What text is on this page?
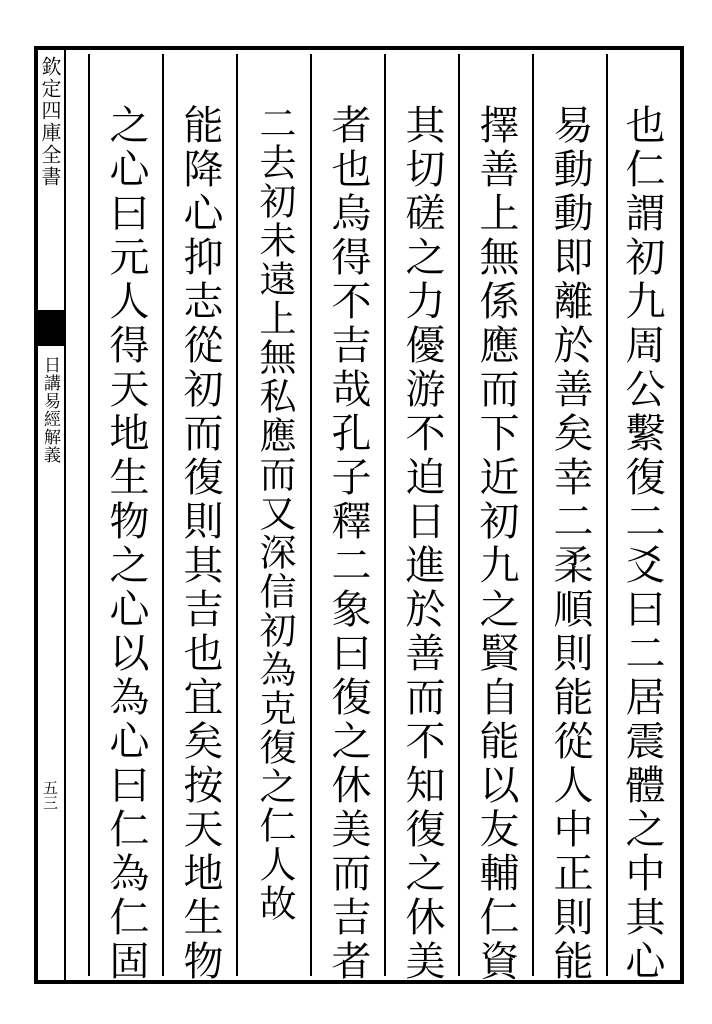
欽定四庫全書
日講易經解義
五三	也仁謂初九周公繫復二爻曰二居震體之中其心
易動動即離於善矣幸二柔順則能從人中正則能
擇善上無係應而下近初九之賢自能以友輔仁資
其切磋之力優游不迫日進於善而不知復之休美
者也烏得不吉哉孔子釋二象曰復之休美而吉者
二去初未遠上無私應而又深信初為克復之仁人故
能降心抑志從初而復則其吉也宜矣按天地生物
之心曰元人得天地生物之心以為心曰仁為仁固
